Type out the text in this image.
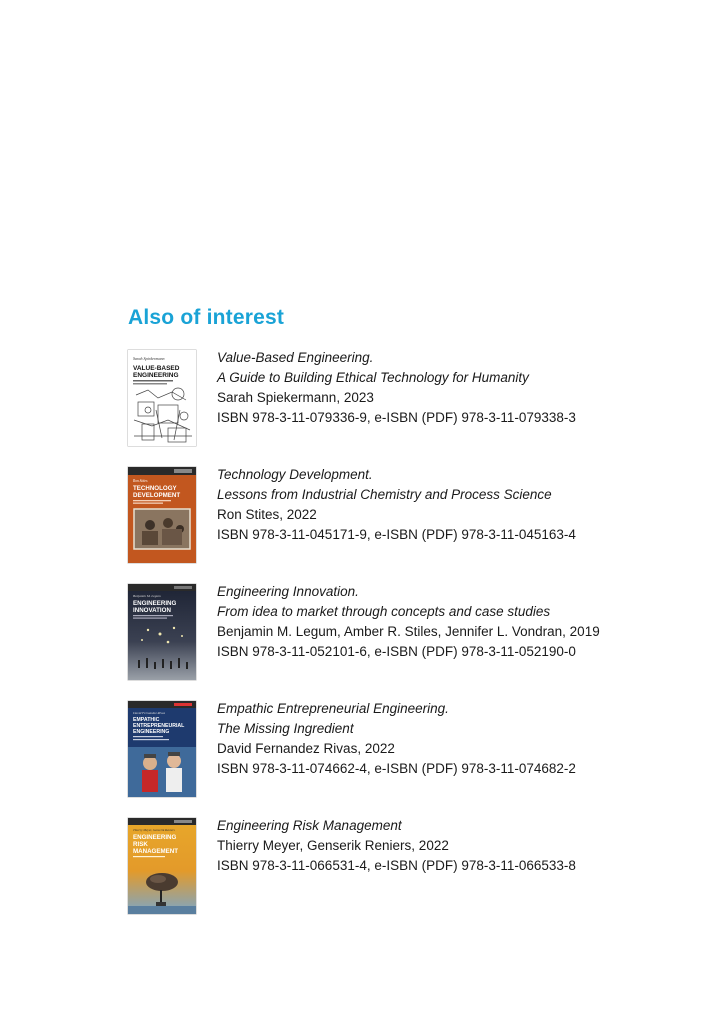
Also of interest
Sarah Spiekermann
VALUE-BASED
ENGINEERING
Value-Based Engineering.
A Guide to Building Ethical Technology for Humanity
Sarah Spiekermann, 2023
ISBN 978-3-11-079336-9, e-ISBN (PDF) 978-3-11-079338-3
Ron Stites
TECHNOLOGY
DEVELOPMENT
Technology Development.
Lessons from Industrial Chemistry and Process Science
Ron Stites, 2022
ISBN 978-3-11-045171-9, e-ISBN (PDF) 978-3-11-045163-4
Benjamin M. Legum
ENGINEERING
INNOVATION
Engineering Innovation.
From idea to market through concepts and case studies
Benjamin M. Legum, Amber R. Stiles, Jennifer L. Vondran, 2019
ISBN 978-3-11-052101-6, e-ISBN (PDF) 978-3-11-052190-0
David Fernandez Rivas
EMPATHIC
ENTREPRENEURIAL
ENGINEERING
Empathic Entrepreneurial Engineering.
The Missing Ingredient
David Fernandez Rivas, 2022
ISBN 978-3-11-074662-4, e-ISBN (PDF) 978-3-11-074682-2
Thierry Meyer, Genserik Reniers
ENGINEERING
RISK
MANAGEMENT
Engineering Risk Management
Thierry Meyer, Genserik Reniers, 2022
ISBN 978-3-11-066531-4, e-ISBN (PDF) 978-3-11-066533-8
